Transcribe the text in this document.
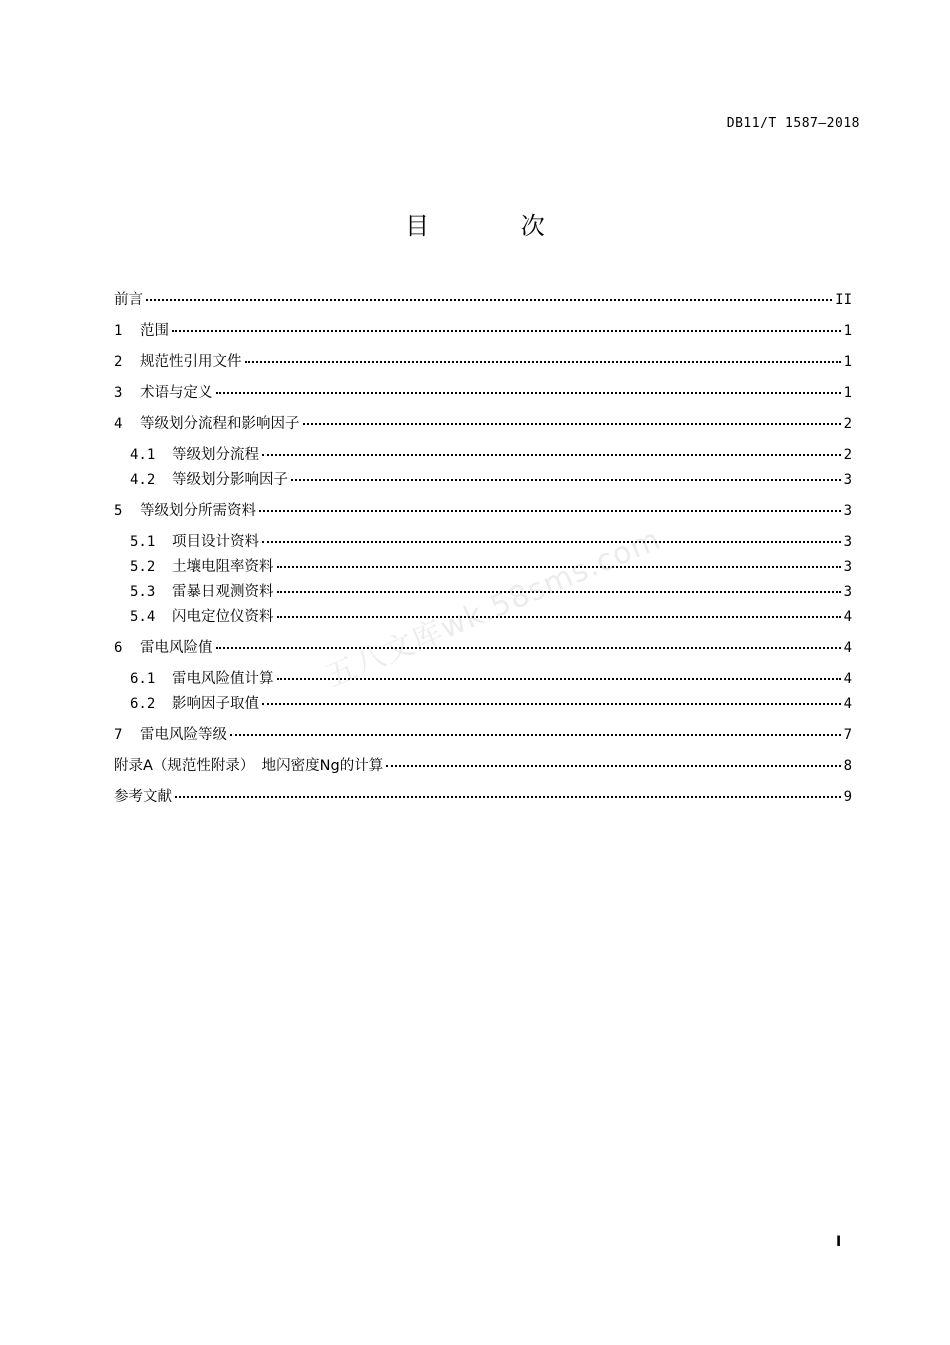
DB11/T 1587—2018
目 次
前言	II
1	范围	1
2	规范性引用文件	1
3	术语与定义	1
4	等级划分流程和影响因子	2
4.1	等级划分流程	2
4.2	等级划分影响因子	3
5	等级划分所需资料	3
5.1	项目设计资料	3
5.2	土壤电阻率资料	3
5.3	雷暴日观测资料	3
5.4	闪电定位仪资料	4
6	雷电风险值	4
6.1	雷电风险值计算	4
6.2	影响因子取值	4
7	雷电风险等级	7
附录A（规范性附录）　地闪密度Ng的计算	8
参考文献	9
五八文库wk.58sms.com
I
